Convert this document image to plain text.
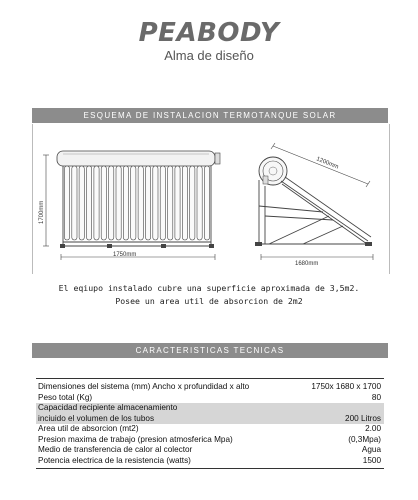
PEABODY
Alma de diseño
ESQUEMA DE INSTALACION TERMOTANQUE SOLAR
1700mm
1750mm
1200mm
1680mm
El eqiupo instalado cubre una superficie aproximada de 3,5m2.
Posee un area util de absorcion de 2m2
CARACTERISTICAS TECNICAS
Dimensiones del sistema (mm) Ancho x profundidad x alto	1750x 1680 x 1700
Peso total (Kg)	80
Capacidad recipiente almacenamiento	
inciuido el volumen de los tubos	200 Litros
Area util de absorcion (mt2)	2.00
Presion maxima de trabajo (presion atmosferica Mpa)	(0,3Mpa)
Medio de transferencia de calor al colector	Agua
Potencia electrica de la resistencia (watts)	1500
